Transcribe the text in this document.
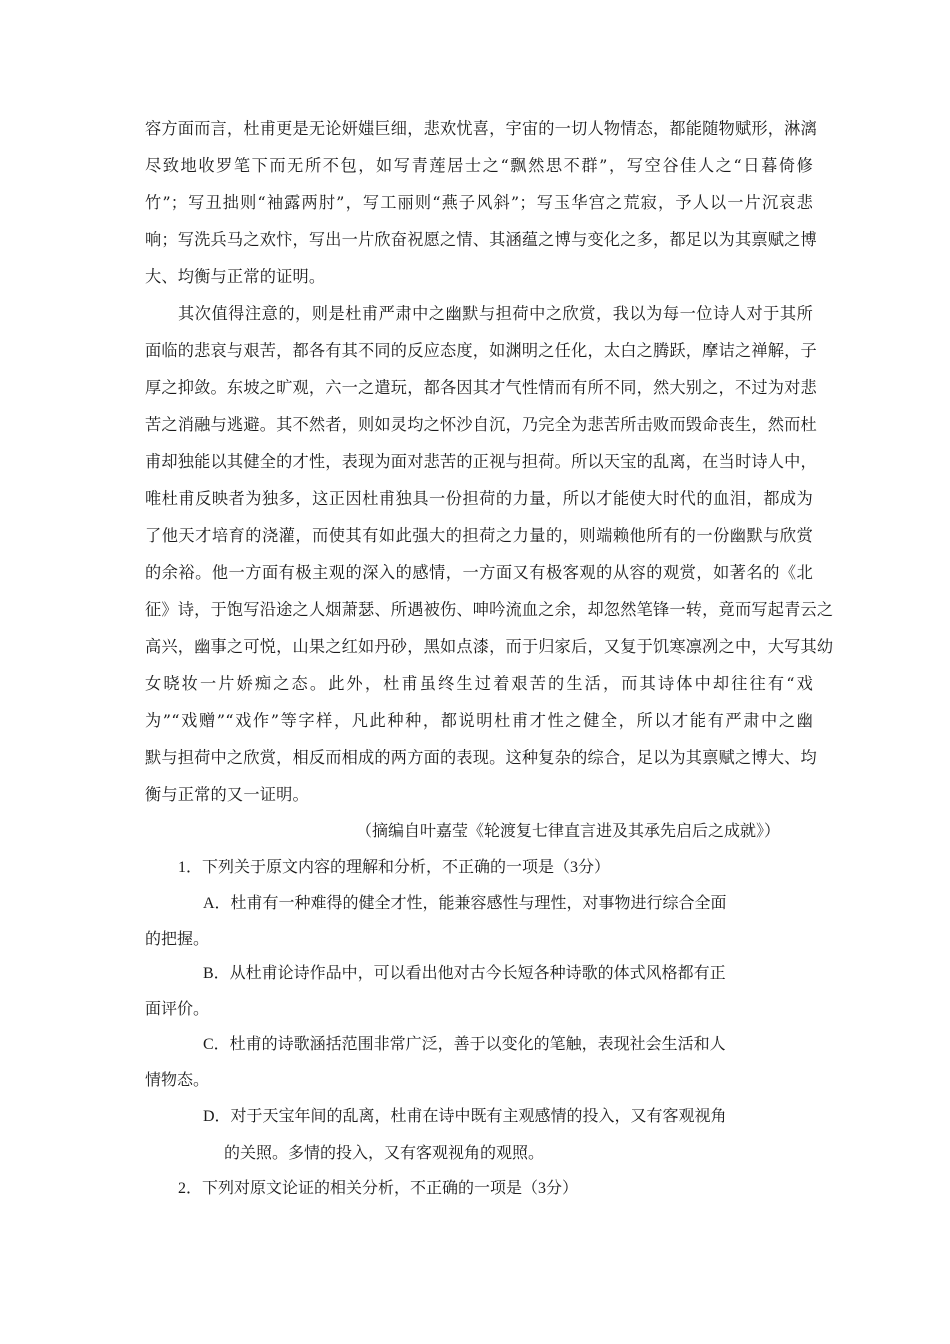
容方面而言，杜甫更是无论妍媸巨细，悲欢忧喜，宇宙的一切人物情态，都能随物赋形，淋漓
尽致地收罗笔下而无所不包，如写青莲居士之“飘然思不群”，写空谷佳人之“日暮倚修
竹”；写丑拙则“袖露两肘”，写工丽则“燕子风斜”；写玉华宫之荒寂，予人以一片沉哀悲
响；写洗兵马之欢忭，写出一片欣奋祝愿之情、其涵蕴之博与变化之多，都足以为其禀赋之博
大、均衡与正常的证明。
其次值得注意的，则是杜甫严肃中之幽默与担荷中之欣赏，我以为每一位诗人对于其所
面临的悲哀与艰苦，都各有其不同的反应态度，如渊明之任化，太白之腾跃，摩诘之禅解，子
厚之抑敛。东坡之旷观，六一之遣玩，都各因其才气性情而有所不同，然大别之，不过为对悲
苦之消融与逃避。其不然者，则如灵均之怀沙自沉，乃完全为悲苦所击败而毁命丧生，然而杜
甫却独能以其健全的才性，表现为面对悲苦的正视与担荷。所以天宝的乱离，在当时诗人中，
唯杜甫反映者为独多，这正因杜甫独具一份担荷的力量，所以才能使大时代的血泪，都成为
了他天才培育的浇灌，而使其有如此强大的担荷之力量的，则端赖他所有的一份幽默与欣赏
的余裕。他一方面有极主观的深入的感情，一方面又有极客观的从容的观赏，如著名的《北
征》诗，于饱写沿途之人烟萧瑟、所遇被伤、呻吟流血之余，却忽然笔锋一转，竟而写起青云之
高兴，幽事之可悦，山果之红如丹砂，黑如点漆，而于归家后，又复于饥寒凛冽之中，大写其幼
女晓妆一片娇痴之态。此外，杜甫虽终生过着艰苦的生活，而其诗体中却往往有“戏
为”“戏赠”“戏作”等字样，凡此种种，都说明杜甫才性之健全，所以才能有严肃中之幽
默与担荷中之欣赏，相反而相成的两方面的表现。这种复杂的综合，足以为其禀赋之博大、均
衡与正常的又一证明。
（摘编自叶嘉莹《轮渡复七律直言进及其承先启后之成就》）
1．下列关于原文内容的理解和分析，不正确的一项是（3分）
A．杜甫有一种难得的健全才性，能兼容感性与理性，对事物进行综合全面
的把握。
B．从杜甫论诗作品中，可以看出他对古今长短各种诗歌的体式风格都有正
面评价。
C．杜甫的诗歌涵括范围非常广泛，善于以变化的笔触，表现社会生活和人
情物态。
D．对于天宝年间的乱离，杜甫在诗中既有主观感情的投入，又有客观视角
的关照。多情的投入，又有客观视角的观照。
2．下列对原文论证的相关分析，不正确的一项是（3分）
